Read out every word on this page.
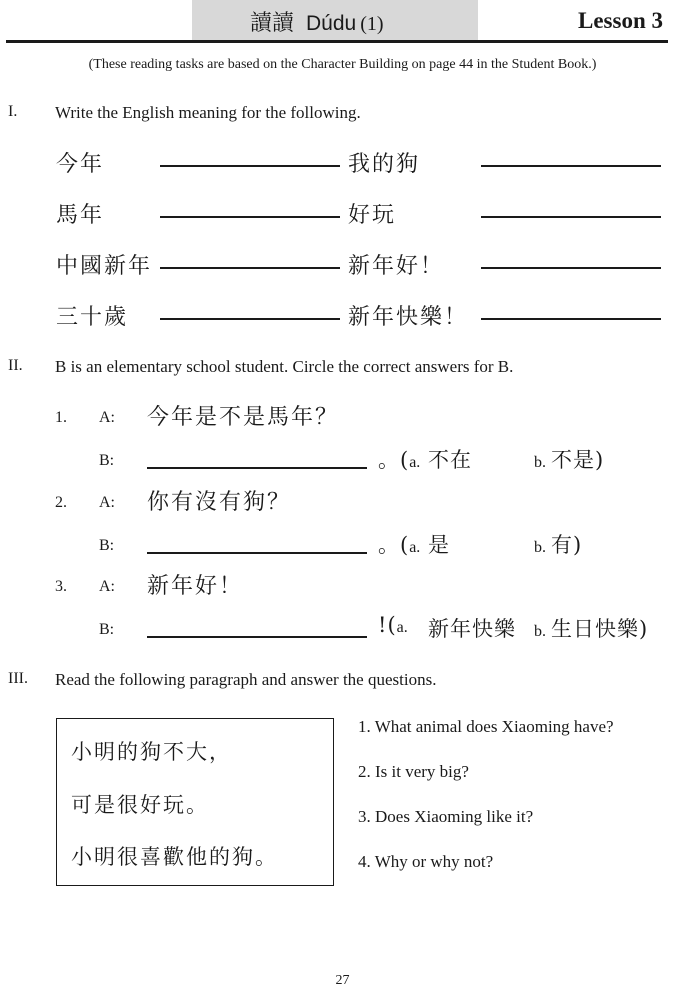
讀讀 Dúdu (1)	Lesson 3
(These reading tasks are based on the Character Building on page 44 in the Student Book.)
I. Write the English meaning for the following.
今年	我的狗
馬年	好玩
中國新年	新年好！
三十歲	新年快樂！
II. B is an elementary school student. Circle the correct answers for B.
1. A: 今年是不是馬年？
B:	。(a. 不在	b. 不是)
2. A: 你有沒有狗？
B:	。(a. 是	b. 有)
3. A: 新年好！
B:	!(a. 新年快樂 b. 生日快樂)
III. Read the following paragraph and answer the questions.
小明的狗不大，
可是很好玩。
小明很喜歡他的狗。
1. What animal does Xiaoming have?
2. Is it very big?
3. Does Xiaoming like it?
4. Why or why not?
27
